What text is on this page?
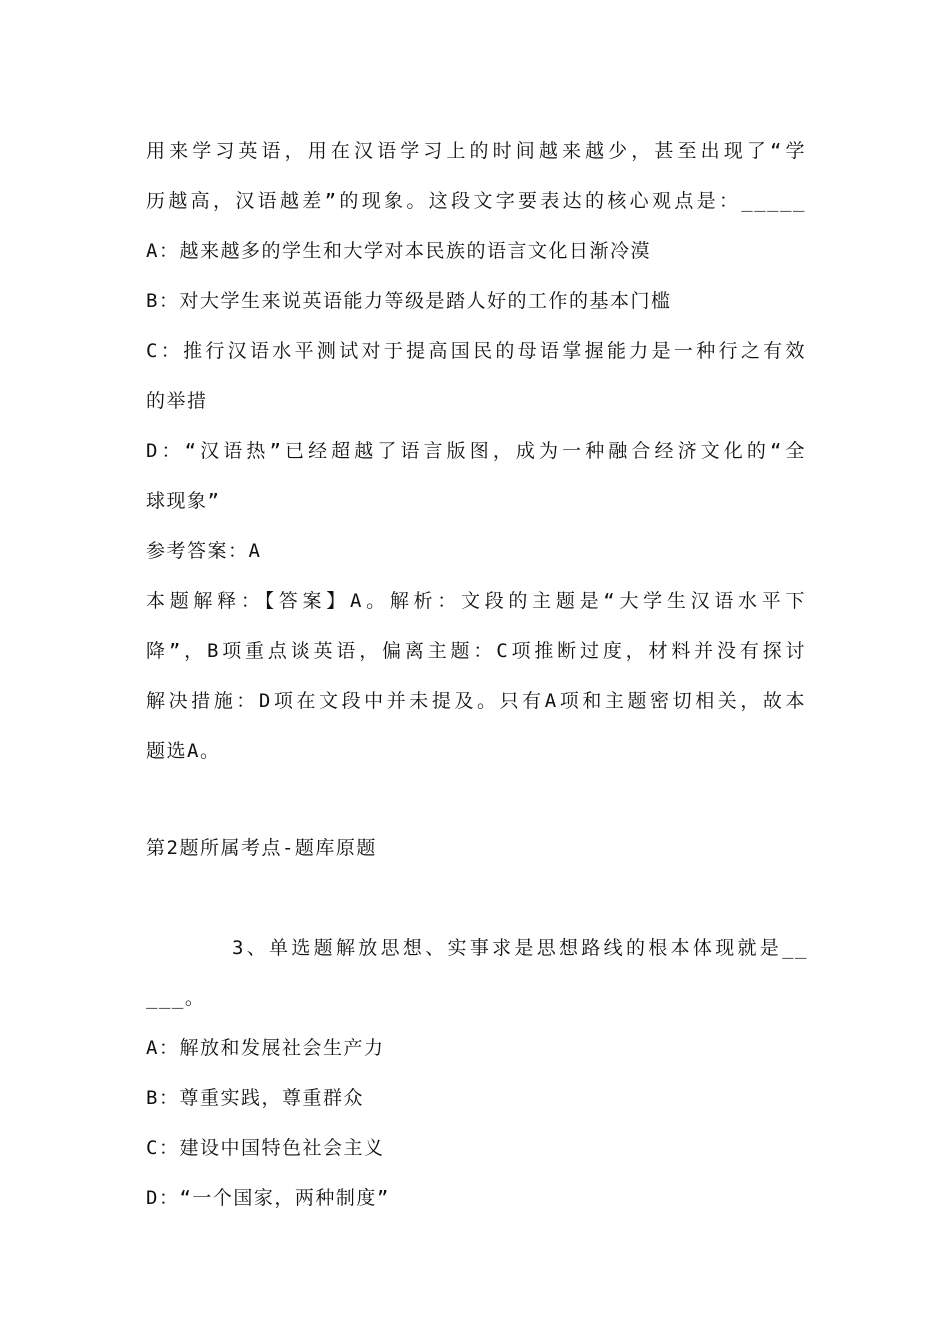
用来学习英语，用在汉语学习上的时间越来越少，甚至出现了“学
历越高，汉语越差”的现象。这段文字要表达的核心观点是：_____
A：越来越多的学生和大学对本民族的语言文化日渐冷漠
B：对大学生来说英语能力等级是踏人好的工作的基本门槛
C：推行汉语水平测试对于提高国民的母语掌握能力是一种行之有效
的举措
D：“汉语热”已经超越了语言版图，成为一种融合经济文化的“全
球现象”
参考答案：A
本题解释：【答案】A。解析：文段的主题是“大学生汉语水平下
降”，B项重点谈英语，偏离主题：C项推断过度，材料并没有探讨
解决措施：D项在文段中并未提及。只有A项和主题密切相关，故本
题选A。
第2题所属考点-题库原题
3、单选题解放思想、实事求是思想路线的根本体现就是__
___。
A：解放和发展社会生产力
B：尊重实践，尊重群众
C：建设中国特色社会主义
D：“一个国家，两种制度”
